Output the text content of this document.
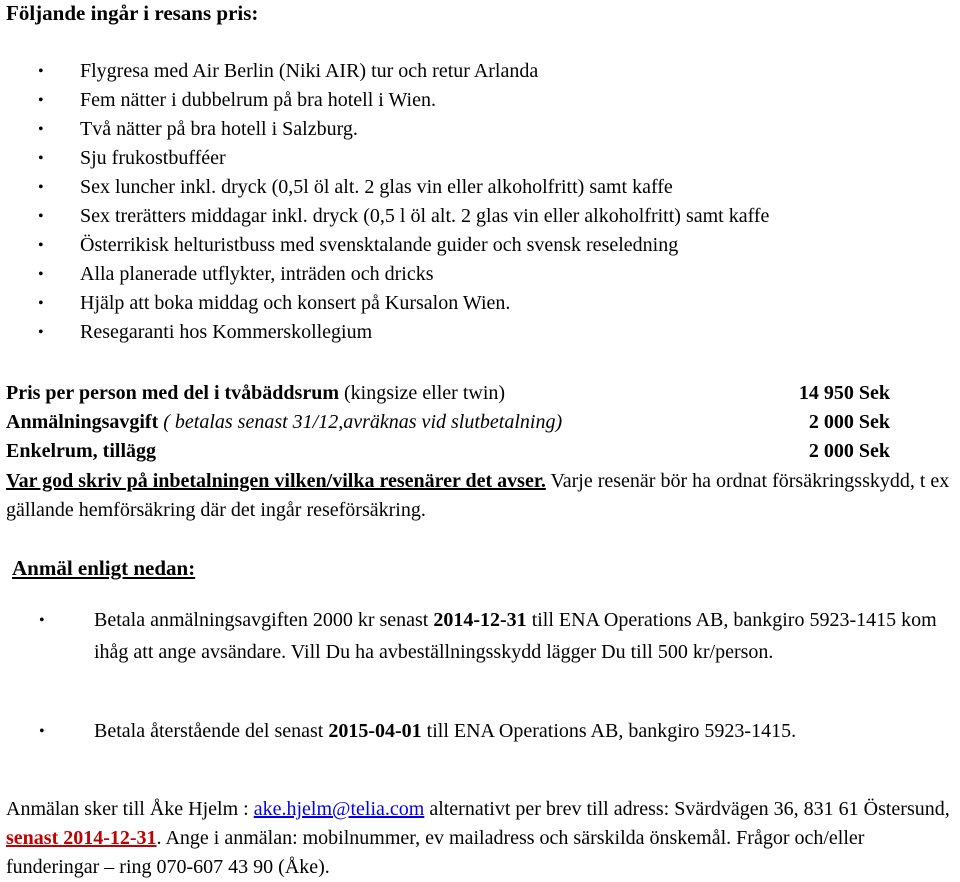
Följande ingår i resans pris:
• Flygresa med Air Berlin (Niki AIR) tur och retur Arlanda
• Fem nätter i dubbelrum på bra hotell i Wien.
• Två nätter på bra hotell i Salzburg.
• Sju frukostbufféer
• Sex luncher inkl. dryck (0,5l öl alt. 2 glas vin eller alkoholfritt) samt kaffe
• Sex trerätters middagar inkl. dryck (0,5 l öl alt. 2 glas vin eller alkoholfritt) samt kaffe
• Österrikisk helturistbuss med svensktalande guider och svensk reseledning
• Alla planerade utflykter, inträden och dricks
• Hjälp att boka middag och konsert på Kursalon Wien.
• Resegaranti hos Kommerskollegium
Pris per person med del i tvåbäddsrum (kingsize eller twin)	14 950 Sek
Anmälningsavgift ( betalas senast 31/12,avräknas vid slutbetalning)	2 000 Sek
Enkelrum, tillägg	2 000 Sek
Var god skriv på inbetalningen vilken/vilka resenärer det avser. Varje resenär bör ha ordnat försäkringsskydd, t ex gällande hemförsäkring där det ingår reseförsäkring.
Anmäl enligt nedan:
• Betala anmälningsavgiften 2000 kr senast 2014-12-31 till ENA Operations AB, bankgiro 5923-1415 kom ihåg att ange avsändare. Vill Du ha avbeställningsskydd lägger Du till 500 kr/person.
• Betala återstående del senast 2015-04-01 till ENA Operations AB, bankgiro 5923-1415.
Anmälan sker till Åke Hjelm : ake.hjelm@telia.com alternativt per brev till adress: Svärdvägen 36, 831 61 Östersund, senast 2014-12-31. Ange i anmälan: mobilnummer, ev mailadress och särskilda önskemål. Frågor och/eller funderingar – ring 070-607 43 90 (Åke).
